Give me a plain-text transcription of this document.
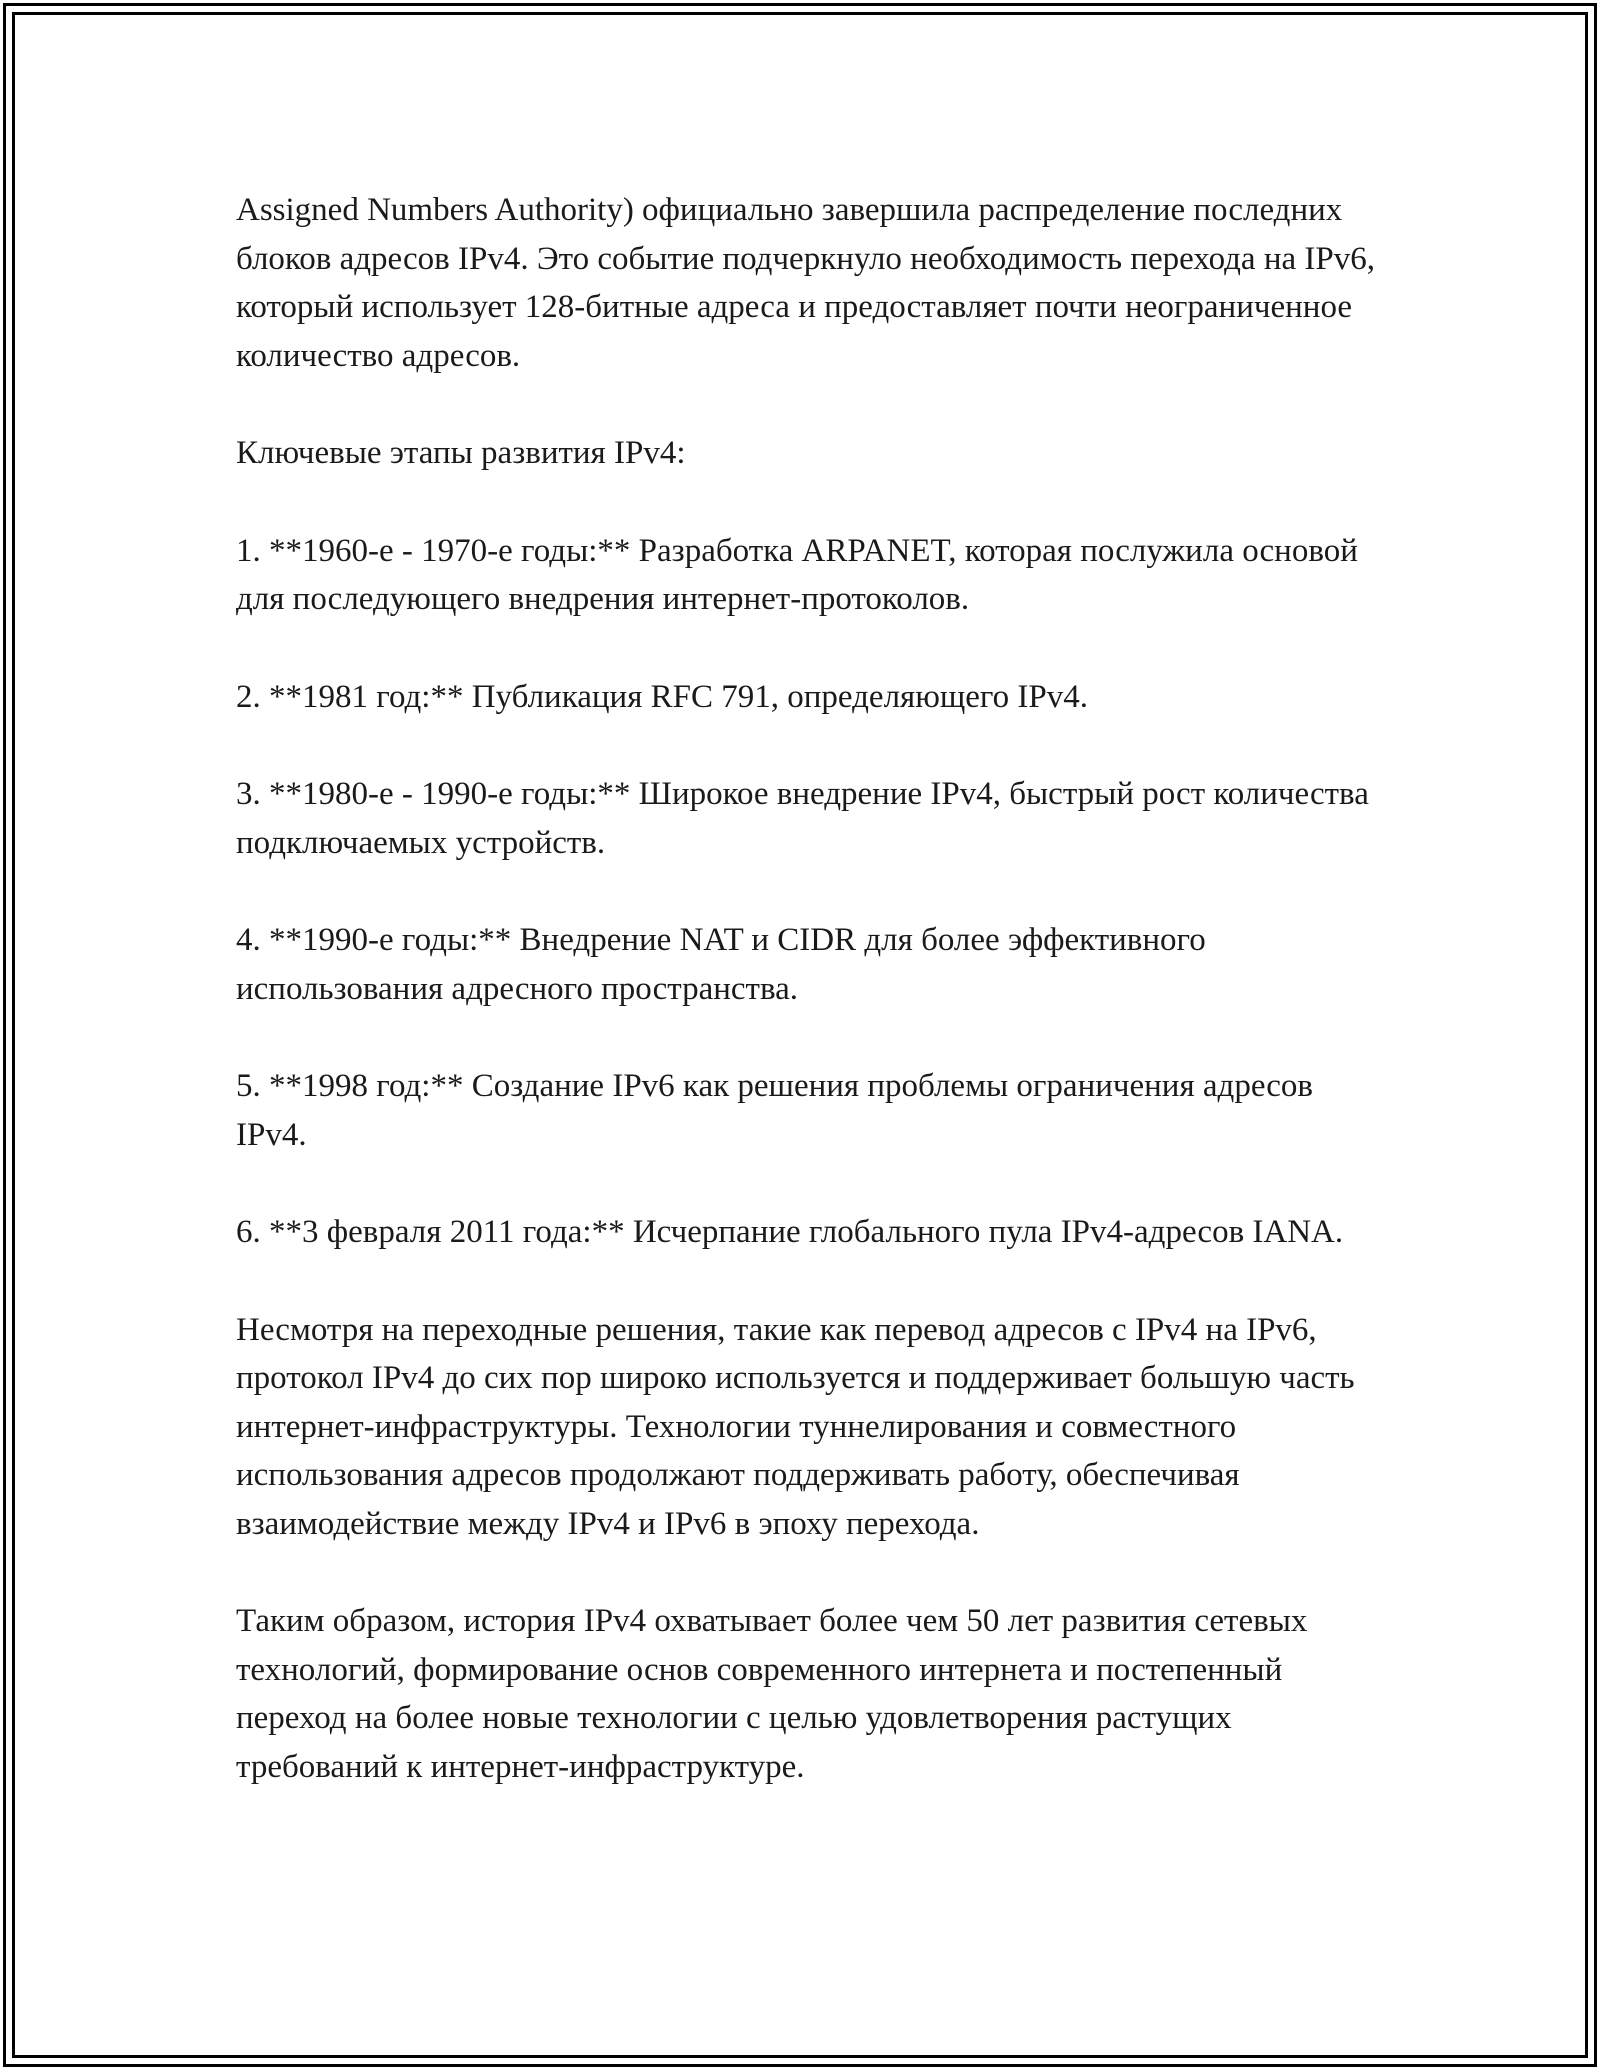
Assigned Numbers Authority) официально завершила распределение последних блоков адресов IPv4. Это событие подчеркнуло необходимость перехода на IPv6, который использует 128-битные адреса и предоставляет почти неограниченное количество адресов.

Ключевые этапы развития IPv4:

1. **1960-е - 1970-е годы:** Разработка ARPANET, которая послужила основой для последующего внедрения интернет-протоколов.

2. **1981 год:** Публикация RFC 791, определяющего IPv4.

3. **1980-е - 1990-е годы:** Широкое внедрение IPv4, быстрый рост количества подключаемых устройств.

4. **1990-е годы:** Внедрение NAT и CIDR для более эффективного использования адресного пространства.

5. **1998 год:** Создание IPv6 как решения проблемы ограничения адресов IPv4.

6. **3 февраля 2011 года:** Исчерпание глобального пула IPv4-адресов IANA.

Несмотря на переходные решения, такие как перевод адресов с IPv4 на IPv6, протокол IPv4 до сих пор широко используется и поддерживает большую часть интернет-инфраструктуры. Технологии туннелирования и совместного использования адресов продолжают поддерживать работу, обеспечивая взаимодействие между IPv4 и IPv6 в эпоху перехода.

Таким образом, история IPv4 охватывает более чем 50 лет развития сетевых технологий, формирование основ современного интернета и постепенный переход на более новые технологии с целью удовлетворения растущих требований к интернет-инфраструктуре.
